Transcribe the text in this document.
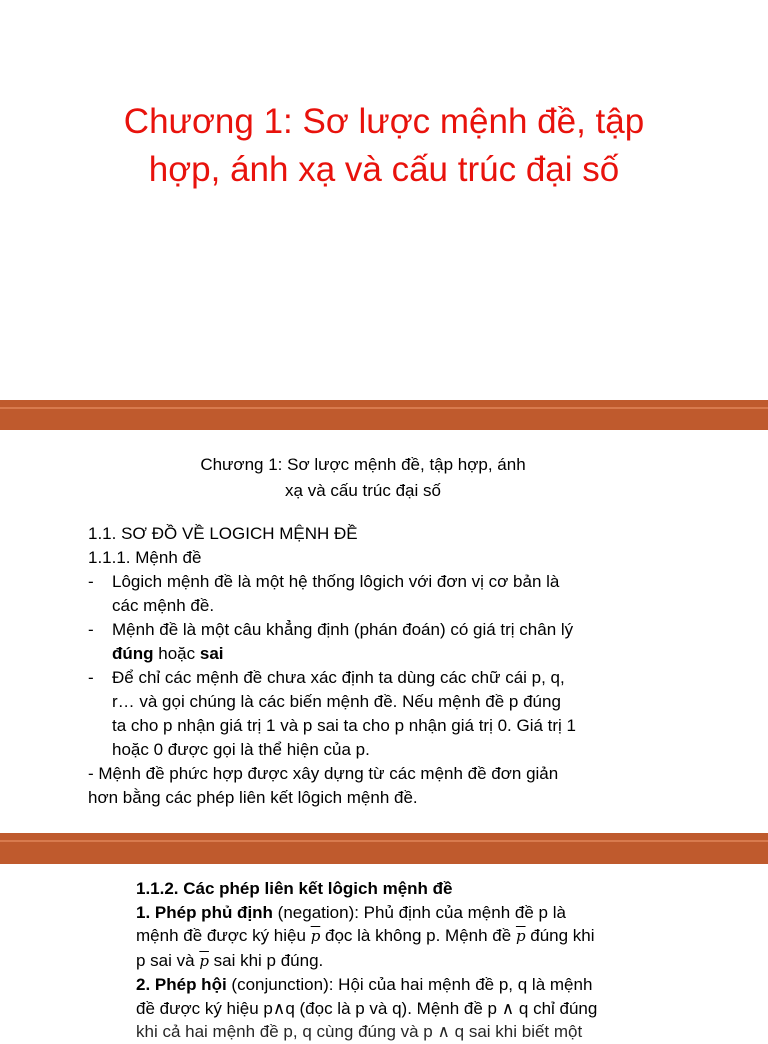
Chương 1: Sơ lược mệnh đề, tập
hợp, ánh xạ và cấu trúc đại số
Chương 1: Sơ lược mệnh đề, tập hợp, ánh
xạ và cấu trúc đại số
1.1. SƠ ĐỒ VỀ LOGICH MỆNH ĐỀ
1.1.1. Mệnh đề
- Lôgich mệnh đề là một hệ thống lôgich với đơn vị cơ bản là
các mệnh đề.
- Mệnh đề là một câu khẳng định (phán đoán) có giá trị chân lý
đúng hoặc sai
- Để chỉ các mệnh đề chưa xác định ta dùng các chữ cái p, q,
r… và gọi chúng là các biến mệnh đề. Nếu mệnh đề p đúng
ta cho p nhận giá trị 1 và p sai ta cho p nhận giá trị 0. Giá trị 1
hoặc 0 được gọi là thể hiện của p.
- Mệnh đề phức hợp được xây dựng từ các mệnh đề đơn giản
hơn bằng các phép liên kết lôgich mệnh đề.
1.1.2. Các phép liên kết lôgich mệnh đề
1. Phép phủ định (negation): Phủ định của mệnh đề p là
mệnh đề được ký hiệu $\overline{p}$ đọc là không p. Mệnh đề $\overline{p}$ đúng khi
p sai và $\overline{p}$ sai khi p đúng.
2. Phép hội (conjunction): Hội của hai mệnh đề p, q là mệnh
đề được ký hiệu p∧q (đọc là p và q). Mệnh đề p ∧ q chỉ đúng
khi cả hai mệnh đề p, q cùng đúng và p ∧ q sai khi biết một
